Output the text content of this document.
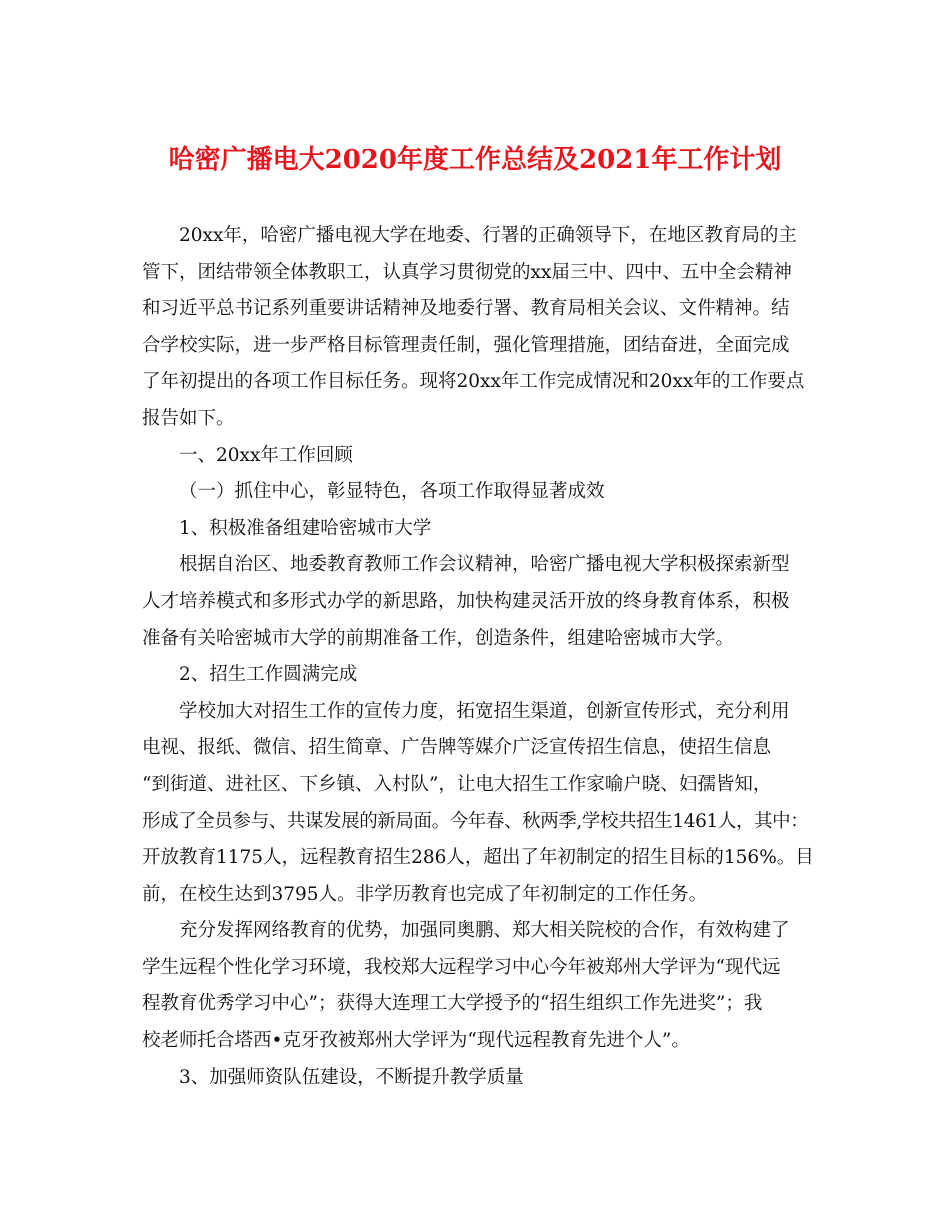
哈密广播电大2020年度工作总结及2021年工作计划
20xx年，哈密广播电视大学在地委、行署的正确领导下，在地区教育局的主
管下，团结带领全体教职工，认真学习贯彻党的xx届三中、四中、五中全会精神
和习近平总书记系列重要讲话精神及地委行署、教育局相关会议、文件精神。结
合学校实际，进一步严格目标管理责任制，强化管理措施，团结奋进，全面完成
了年初提出的各项工作目标任务。现将20xx年工作完成情况和20xx年的工作要点
报告如下。
一、20xx年工作回顾
（一）抓住中心，彰显特色，各项工作取得显著成效
1、积极准备组建哈密城市大学
根据自治区、地委教育教师工作会议精神，哈密广播电视大学积极探索新型
人才培养模式和多形式办学的新思路，加快构建灵活开放的终身教育体系，积极
准备有关哈密城市大学的前期准备工作，创造条件，组建哈密城市大学。
2、招生工作圆满完成
学校加大对招生工作的宣传力度，拓宽招生渠道，创新宣传形式，充分利用
电视、报纸、微信、招生简章、广告牌等媒介广泛宣传招生信息，使招生信息
“到街道、进社区、下乡镇、入村队”，让电大招生工作家喻户晓、妇孺皆知，
形成了全员参与、共谋发展的新局面。今年春、秋两季,学校共招生1461人，其中：
开放教育1175人，远程教育招生286人，超出了年初制定的招生目标的156%。目
前，在校生达到3795人。非学历教育也完成了年初制定的工作任务。
充分发挥网络教育的优势，加强同奥鹏、郑大相关院校的合作，有效构建了
学生远程个性化学习环境，我校郑大远程学习中心今年被郑州大学评为“现代远
程教育优秀学习中心”；获得大连理工大学授予的“招生组织工作先进奖”；我
校老师托合塔西•克牙孜被郑州大学评为“现代远程教育先进个人”。
3、加强师资队伍建设，不断提升教学质量
